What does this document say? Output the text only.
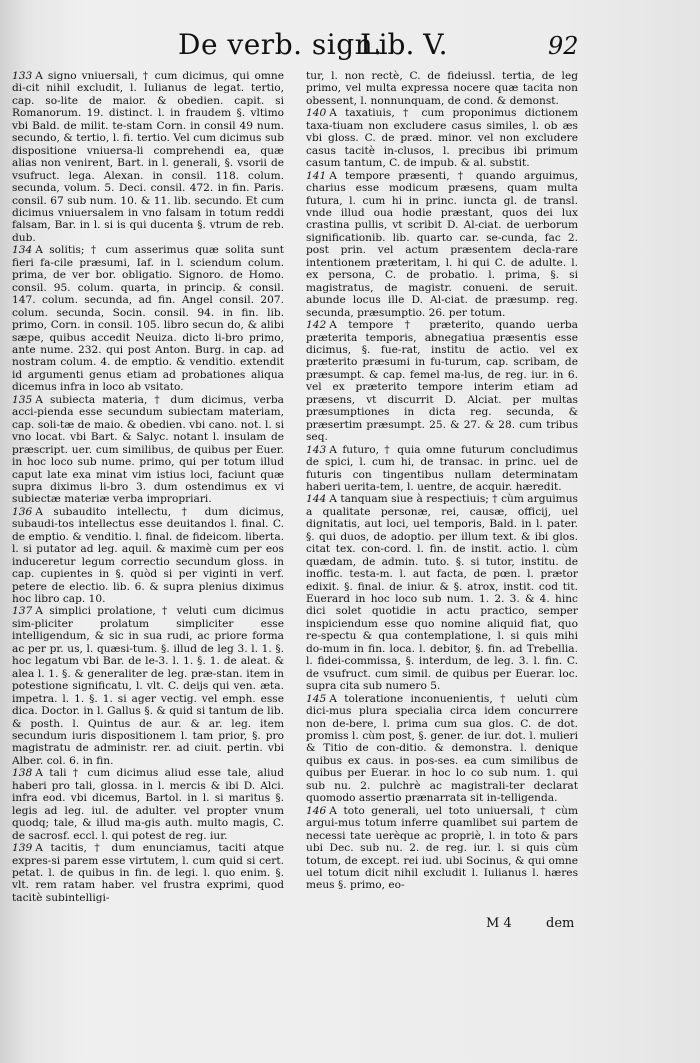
De verb. sign.
Lib. V.	92

133 A signo vniuersali, † cum dicimus, qui omne di‑cit nihil excludit, l. Iulianus de legat. tertio, cap. so‑lite de maior. & obedien. capit. si Romanorum. 19. distinct. l. in fraudem §. vltimo vbi Bald. de milit. te‑stam Corn. in consil 49 num. secundo, & tertio, l. fi. tertio. Vel cum dicimus sub dispositione vniuersa‑li comprehendi ea, quæ alias non venirent, Bart. in l. generali, §. vsorii de vsufruct. lega. Alexan. in consil. 118. colum. secunda, volum. 5. Deci. consil. 472. in fin. Paris. consil. 67 sub num. 10. & 11. lib. secundo. Et cum dicimus vniuersalem in vno falsam in totum reddi falsam, Bar. in l. si is qui ducenta §. vtrum de reb. dub.

134 A solitis; † cum asserimus quæ solita sunt fieri fa‑cile præsumi, Iaf. in l. sciendum colum. prima, de ver bor. obligatio. Signoro. de Homo. consil. 95. colum. quarta, in princip. & consil. 147. colum. secunda, ad fin. Angel consil. 207. colum. secunda, Socin. consil. 94. in fin. lib. primo, Corn. in consil. 105. libro secun do, & alibi sæpe, quibus accedit Neuiza. dicto li‑bro primo, ante nume. 232. qui post Anton. Burg. in cap. ad nostram colum. 4. de emptio. & venditio. extendit id argumenti genus etiam ad probationes aliqua dicemus infra in loco ab vsitato.

135 A subiecta materia, † dum dicimus, verba acci‑pienda esse secundum subiectam materiam, cap. soli‑tæ de maio. & obedien. vbi cano. not. l. si vno locat. vbi Bart. & Salyc. notant l. insulam de præscript. uer. cum similibus, de quibus per Euer. in hoc loco sub nume. primo, qui per totum illud caput late exa minat vim istius loci, faciunt quæ supra diximus li‑bro 3. dum ostendimus ex vi subiectæ materiæ verba impropriari.

136 A subaudito intellectu, † dum dicimus, subaudi‑tos intellectus esse deuitandos l. final. C. de emptio. & venditio. l. final. de fideicom. libertа. l. si putator ad leg. aquil. & maximè cum per eos induceretur legum correctio secundum gloss. in cap. cupientes in §. quòd si per viginti in verf. petere de electio. lib. 6. & supra plenius diximus hoc libro cap. 10.

137 A simplici prolatione, † veluti cum dicimus sim‑pliciter prolatum simpliciter esse intelligendum, & sic in sua rudi, ac priore forma ac per pr. us, l. quæsi‑tum. §. illud de leg 3. l. 1. §. hoc legatum vbi Bar. de le‑3. l. 1. §. 1. de aleat. & alea l. 1. §. & generaliter de leg. præ‑stan. item in potestione significatu, l. vlt. C. deijs qui ven. æta. impetra. l. 1. §. 1. si ager vectig. vel emph. esse dica. Doctor. in l. Gallus §. & quid si tantum de lib. & posth. l. Quintus de aur. & ar. leg. item secundum iuris dispositionem l. tam prior, §. pro magistratu de administr. rer. ad ciuit. pertin. vbi Alber. col. 6. in fin.

138 A tali † cum dicimus aliud esse tale, aliud haberi pro tali, glossa. in l. mercis & ibi D. Alci. infra eod. vbi dicemus, Bartol. in l. si maritus §. legis ad leg. iul. de adulter. vel propter vnum quodq; tale, & illud ma‑gis auth. multo magis, C. de sacrosf. eccl. l. qui potest de reg. iur.

139 A tacitis, † dum enunciamus, taciti atque expres‑si parem esse virtutem, l. cum quid si cert. petat. l. de quibus in fin. de legi. l. quo enim. §. vlt. rem ratam haber. vel frustra exprimi, quod tacitè subintelligi‑

tur, l. non rectè, C. de fideiussl. tertia, de leg primo, vel multa expressa nocere quæ tacita non obessent, l. nonnunquam, de cond. & demonst.

140 A taxatiuis, † cum proponimus dictionem taxa‑tiuam non excludere casus similes, l. ob æs vbi gloss. C. de præd. minor. vel non excludere casus tacitè in‑clusos, l. precibus ibi primum casum tantum, C. de impub. & al. substit.

141 A tempore præsenti, † quando arguimus, charius esse modicum præsens, quam multa futura, l. cum hi in princ. iuncta gl. de transl. vnde illud oua hodie præstant, quos dei lux crastina pullis, vt scribit D. Al‑ciat. de uerborum significationib. lib. quarto car. se‑cunda, fac 2. post prin. vel actum præsentem decla‑rare intentionem præteritam, l. hi qui C. de adulte. l. ex persona, C. de probatio. l. prima, §. si magistratus, de magistr. conueni. de seruit. abunde locus ille D. Al‑ciat. de præsump. reg. secunda, præsumptio. 26. per totum.

142 A tempore † præterito, quando uerba præterita temporis, abnegatiua præsentis esse dicimus, §. fue‑rat, institu de actio. vel ex præterito præsumi in fu‑turum, cap. scribam, de præsumpt. & cap. femel ma‑lus, de reg. iur. in 6. vel ex præterito tempore interim etiam ad præsens, vt discurrit D. Alciat. per multas præsumptiones in dicta reg. secunda, & præsertim præsumpt. 25. & 27. & 28. cum tribus seq.

143 A futuro, † quia omne futurum concludimus de spici, l. cum hi, de transac. in princ. uel de futuris con tingentibus nullam determinatam haberi ueritа‑tem, l. uentre, de acquir. hæredit.

144 A tanquam siue à respectiuis; † cùm arguimus a qualitate personæ, rei, causæ, officij, uel dignitatis, aut loci, uel temporis, Bald. in l. pater. §. qui duos, de adoptio. per illum text. & ibi glos. citat tex. con‑cord. l. fin. de instit. actio. l. cùm quædam, de admin. tuto. §. si tutor, institu. de inoffic. testa‑m. l. aut facta, de pœn. l. prætor edixit. §. final. de iniur. & §. atrox, instit. cod tit. Euerard in hoc loco sub num. 1. 2. 3. & 4. hinc dici solet quotidie in actu practico, semper inspiciendum esse quo nomine aliquid fiat, quo re‑spectu & qua contemplatione, l. si quis mihi do‑mum in fin. loca. l. debitor, §. fin. ad Trebellia. l. fidei‑commissa, §. interdum, de leg. 3. l. fin. C. de vsufruct. cum simil. de quibus per Euerar. loc. supra cita sub numero 5.

145 A toleratione inconuenientis, † ueluti cùm dici‑mus plura specialia circa idem concurrere non de‑bere, l. prima cum sua glos. C. de dot. promiss l. cùm post, §. gener. de iur. dot. l. mulieri & Titio de con‑ditio. & demonstra. l. denique quibus ex caus. in pos‑ses. ea cum similibus de quibus per Euerar. in hoc lo co sub num. 1. qui sub nu. 2. pulchrè ac magistrali‑ter declarat quomodo assertio prænarrata sit in‑telligenda.

146 A toto generali, uel toto uniuersali, † cùm argui‑mus totum inferre quamlibet sui partem de necessi tate uerèque ac propriè, l. in toto & pars ubi Dec. sub nu. 2. de reg. iur. l. si quis cùm totum, de except. rei iud. ubi Socinus, & qui omne uel totum dicit nihil excludit l. Iulianus l. hæres meus §. primo, eo‑

M 4	dem
